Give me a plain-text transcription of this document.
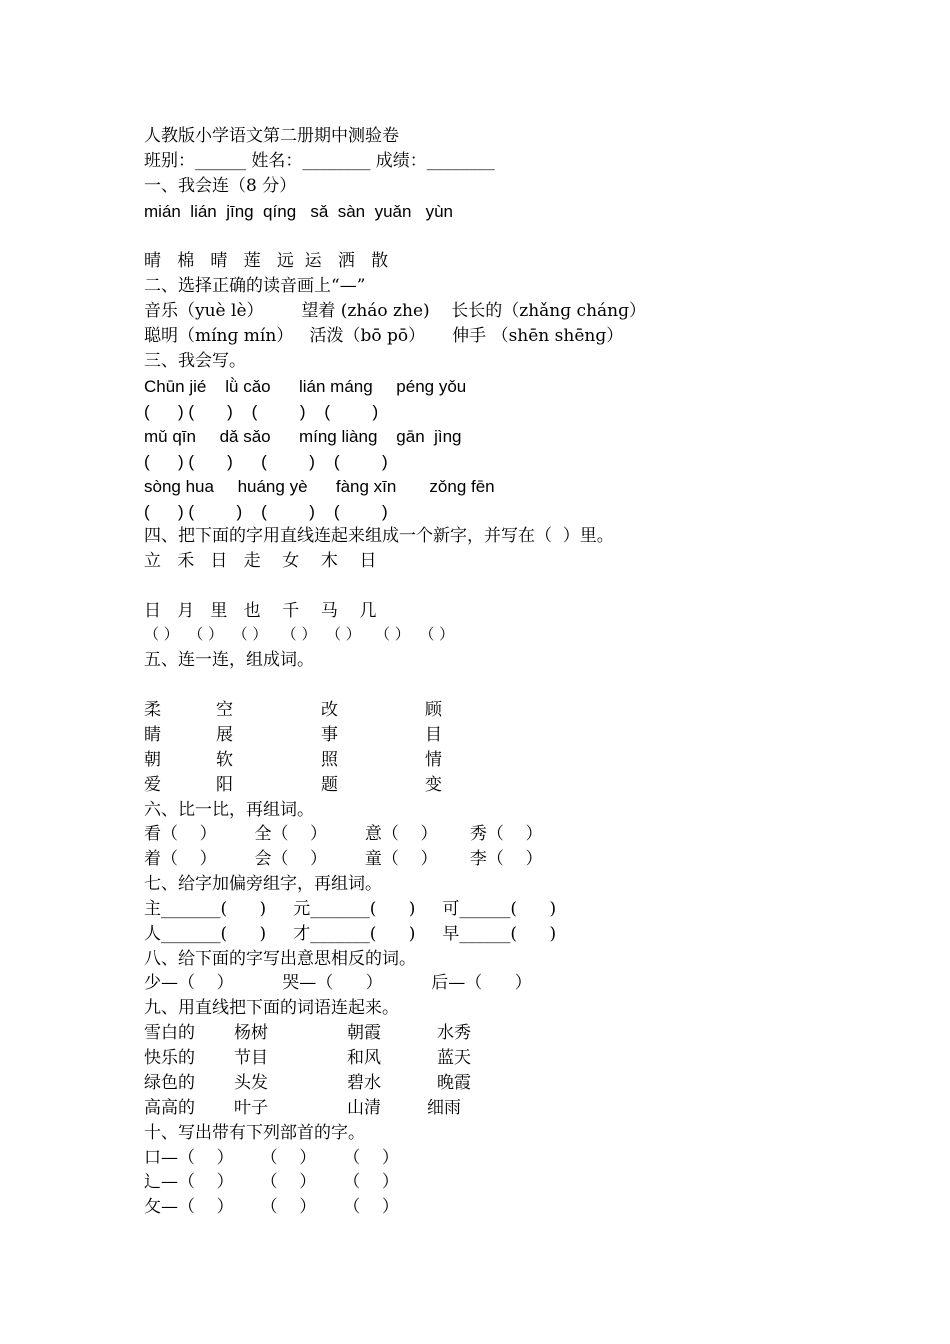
人教版小学语文第二册期中测验卷
班别：______ 姓名：________ 成绩：________
一、我会连（8 分）
mián  lián  jīnɡ  qínɡ   sǎ  sàn  yuǎn   yùn
晴   棉   晴   莲   远  运   洒   散
二、选择正确的读音画上“—”
音乐（yuè lè）       望着 (zháo zhe)    长长的（zhǎnɡ chánɡ）
聪明（mínɡ mín）   活泼（bō pō）     伸手 （shēn shēnɡ）
三、我会写。
Chūn jié    lǜ cǎo      lián mánɡ     pénɡ yǒu
(      ) (       )    (         )    (         )
mǔ qīn     dǎ sǎo      mínɡ liànɡ    ɡān  jìnɡ
(      ) (       )      (         )    (         )
sònɡ hua     huánɡ yè      fànɡ xīn       zǒnɡ fēn
(      ) (         )    (         )    (         )
四、把下面的字用直线连起来组成一个新字，并写在（  ）里。
立   禾   日   走    女    木    日
日   月   里   也    千    马    几
（ ）  （ ）  （ ）   （ ）  （ ）   （ ）  （ ）
五、连一连，组成词。
柔	空	改	顾
睛	展	事	目
朝	软	照	情
爱	阳	题	变
六、比一比，再组词。
看（    ）       全（    ）       意（    ）      秀（    ）
着（    ）       会（    ）       童（    ）      李（    ）
七、给字加偏旁组字，再组词。
主_______(      )     元_______(      )     可______(      )
人_______(      )     才_______(      )     早______(      )
八、给下面的字写出意思相反的词。
少—（    ）         哭—（      ）         后—（      ）
九、用直线把下面的词语连起来。
雪白的 杨树	朝霞	水秀
快乐的 节目	和风	蓝天
绿色的 头发	碧水	晚霞
高高的 叶子	山清	细雨
十、写出带有下列部首的字。
口—（    ）     （    ）     （    ）
辶—（    ）     （    ）     （    ）
攵—（    ）     （    ）     （    ）
